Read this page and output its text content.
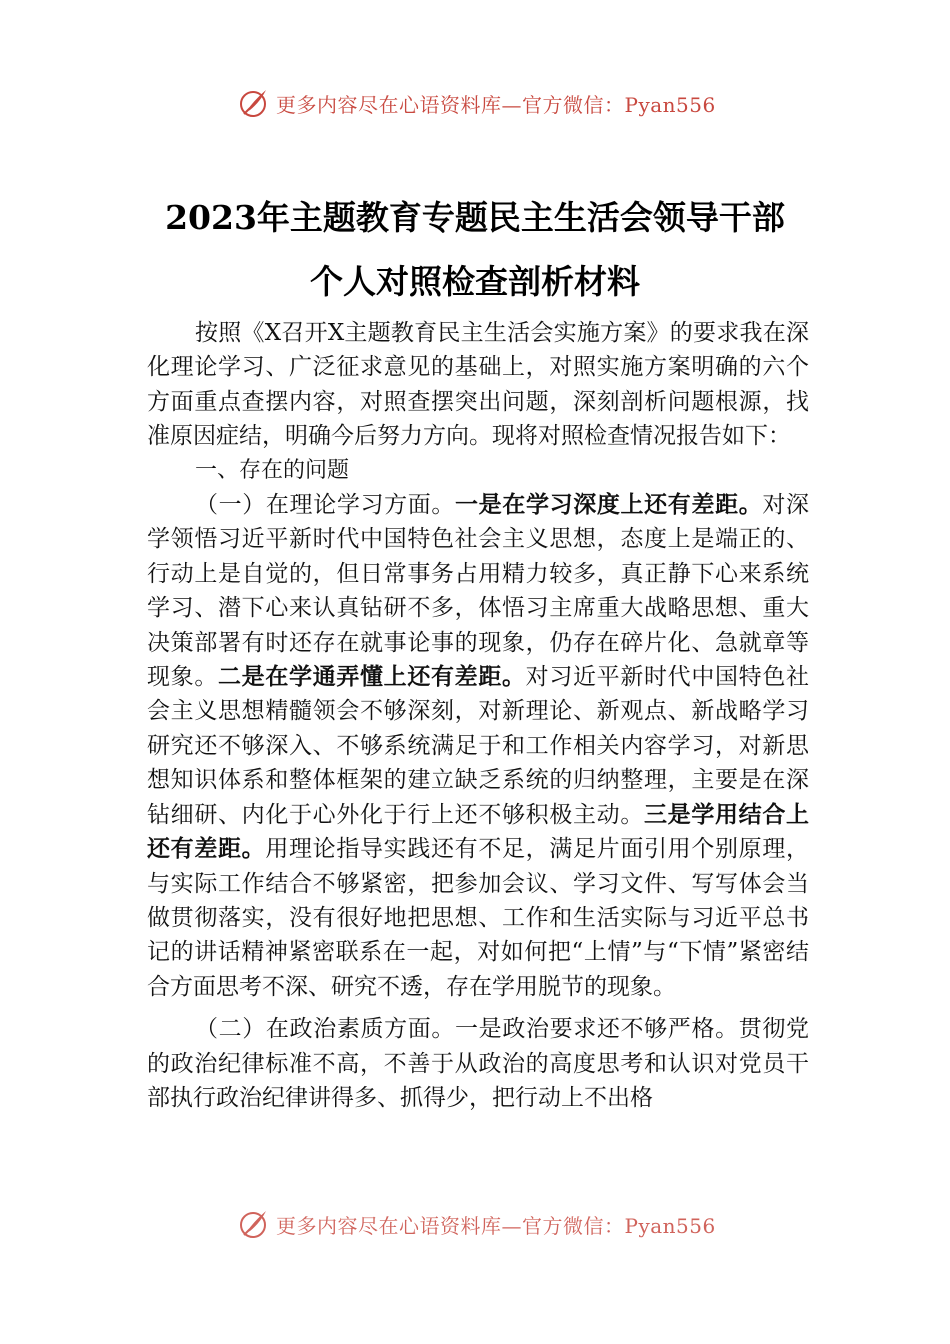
更多内容尽在心语资料库—官方微信：Pyan556
2023年主题教育专题民主生活会领导干部
个人对照检查剖析材料

按照《X召开X主题教育民主生活会实施方案》的要求我在深化理论学习、广泛征求意见的基础上，对照实施方案明确的六个方面重点查摆内容，对照查摆突出问题，深刻剖析问题根源，找准原因症结，明确今后努力方向。现将对照检查情况报告如下：

一、存在的问题

（一）在理论学习方面。一是在学习深度上还有差距。对深学领悟习近平新时代中国特色社会主义思想，态度上是端正的、行动上是自觉的，但日常事务占用精力较多，真正静下心来系统学习、潜下心来认真钻研不多，体悟习主席重大战略思想、重大决策部署有时还存在就事论事的现象，仍存在碎片化、急就章等现象。二是在学通弄懂上还有差距。对习近平新时代中国特色社会主义思想精髓领会不够深刻，对新理论、新观点、新战略学习研究还不够深入、不够系统满足于和工作相关内容学习，对新思想知识体系和整体框架的建立缺乏系统的归纳整理，主要是在深钻细研、内化于心外化于行上还不够积极主动。三是学用结合上还有差距。用理论指导实践还有不足，满足片面引用个别原理，与实际工作结合不够紧密，把参加会议、学习文件、写写体会当做贯彻落实，没有很好地把思想、工作和生活实际与习近平总书记的讲话精神紧密联系在一起，对如何把“上情”与“下情”紧密结合方面思考不深、研究不透，存在学用脱节的现象。

（二）在政治素质方面。一是政治要求还不够严格。贯彻党的政治纪律标准不高，不善于从政治的高度思考和认识对党员干部执行政治纪律讲得多、抓得少，把行动上不出格

更多内容尽在心语资料库—官方微信：Pyan556
